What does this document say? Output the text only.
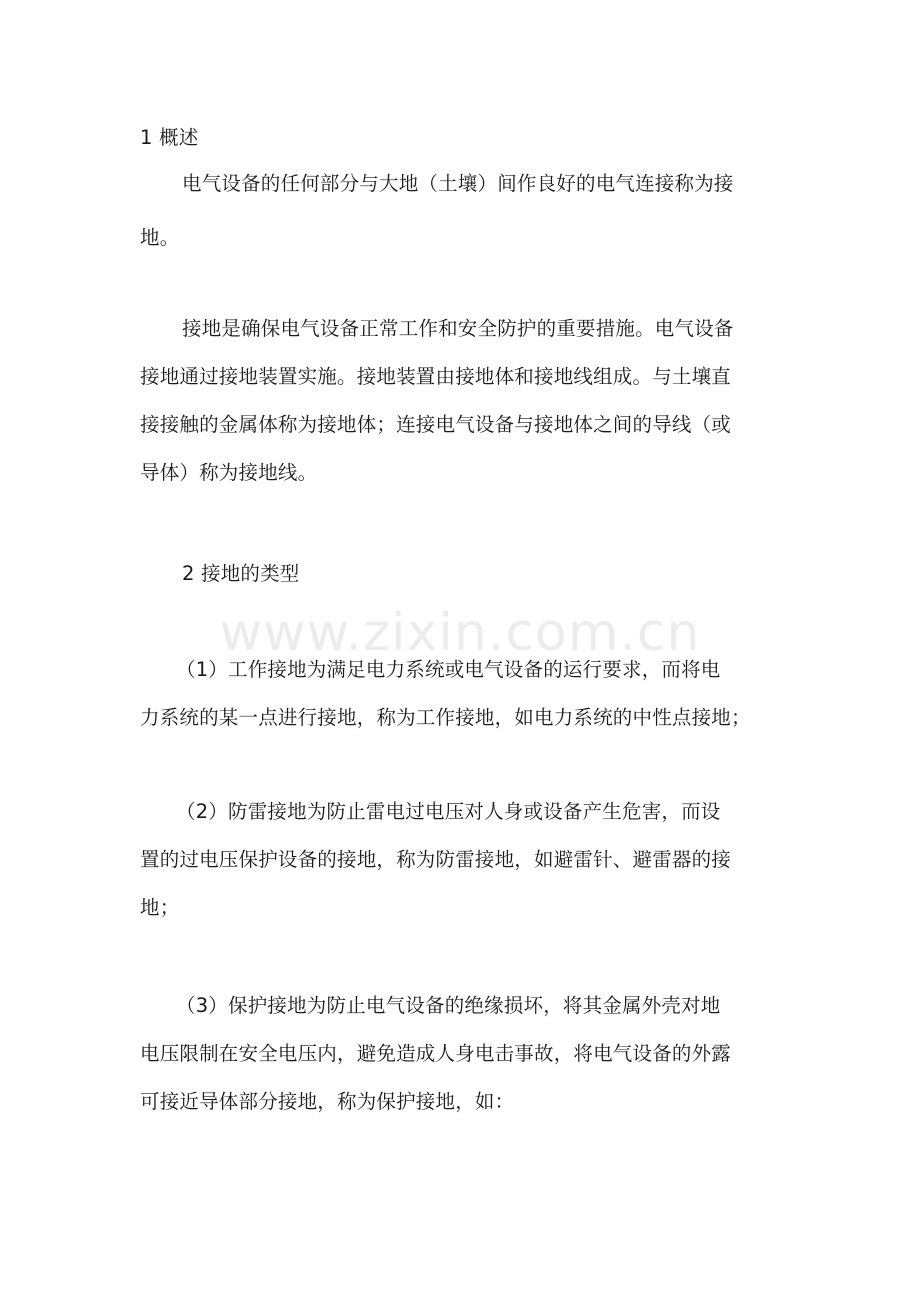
1 概述
电气设备的任何部分与大地（土壤）间作良好的电气连接称为接
地。
接地是确保电气设备正常工作和安全防护的重要措施。电气设备
接地通过接地装置实施。接地装置由接地体和接地线组成。与土壤直
接接触的金属体称为接地体；连接电气设备与接地体之间的导线（或
导体）称为接地线。
2 接地的类型
www.zixin.com.cn
（1）工作接地为满足电力系统或电气设备的运行要求，而将电
力系统的某一点进行接地，称为工作接地，如电力系统的中性点接地；
（2）防雷接地为防止雷电过电压对人身或设备产生危害，而设
置的过电压保护设备的接地，称为防雷接地，如避雷针、避雷器的接
地；
（3）保护接地为防止电气设备的绝缘损坏，将其金属外壳对地
电压限制在安全电压内，避免造成人身电击事故，将电气设备的外露
可接近导体部分接地，称为保护接地，如：
